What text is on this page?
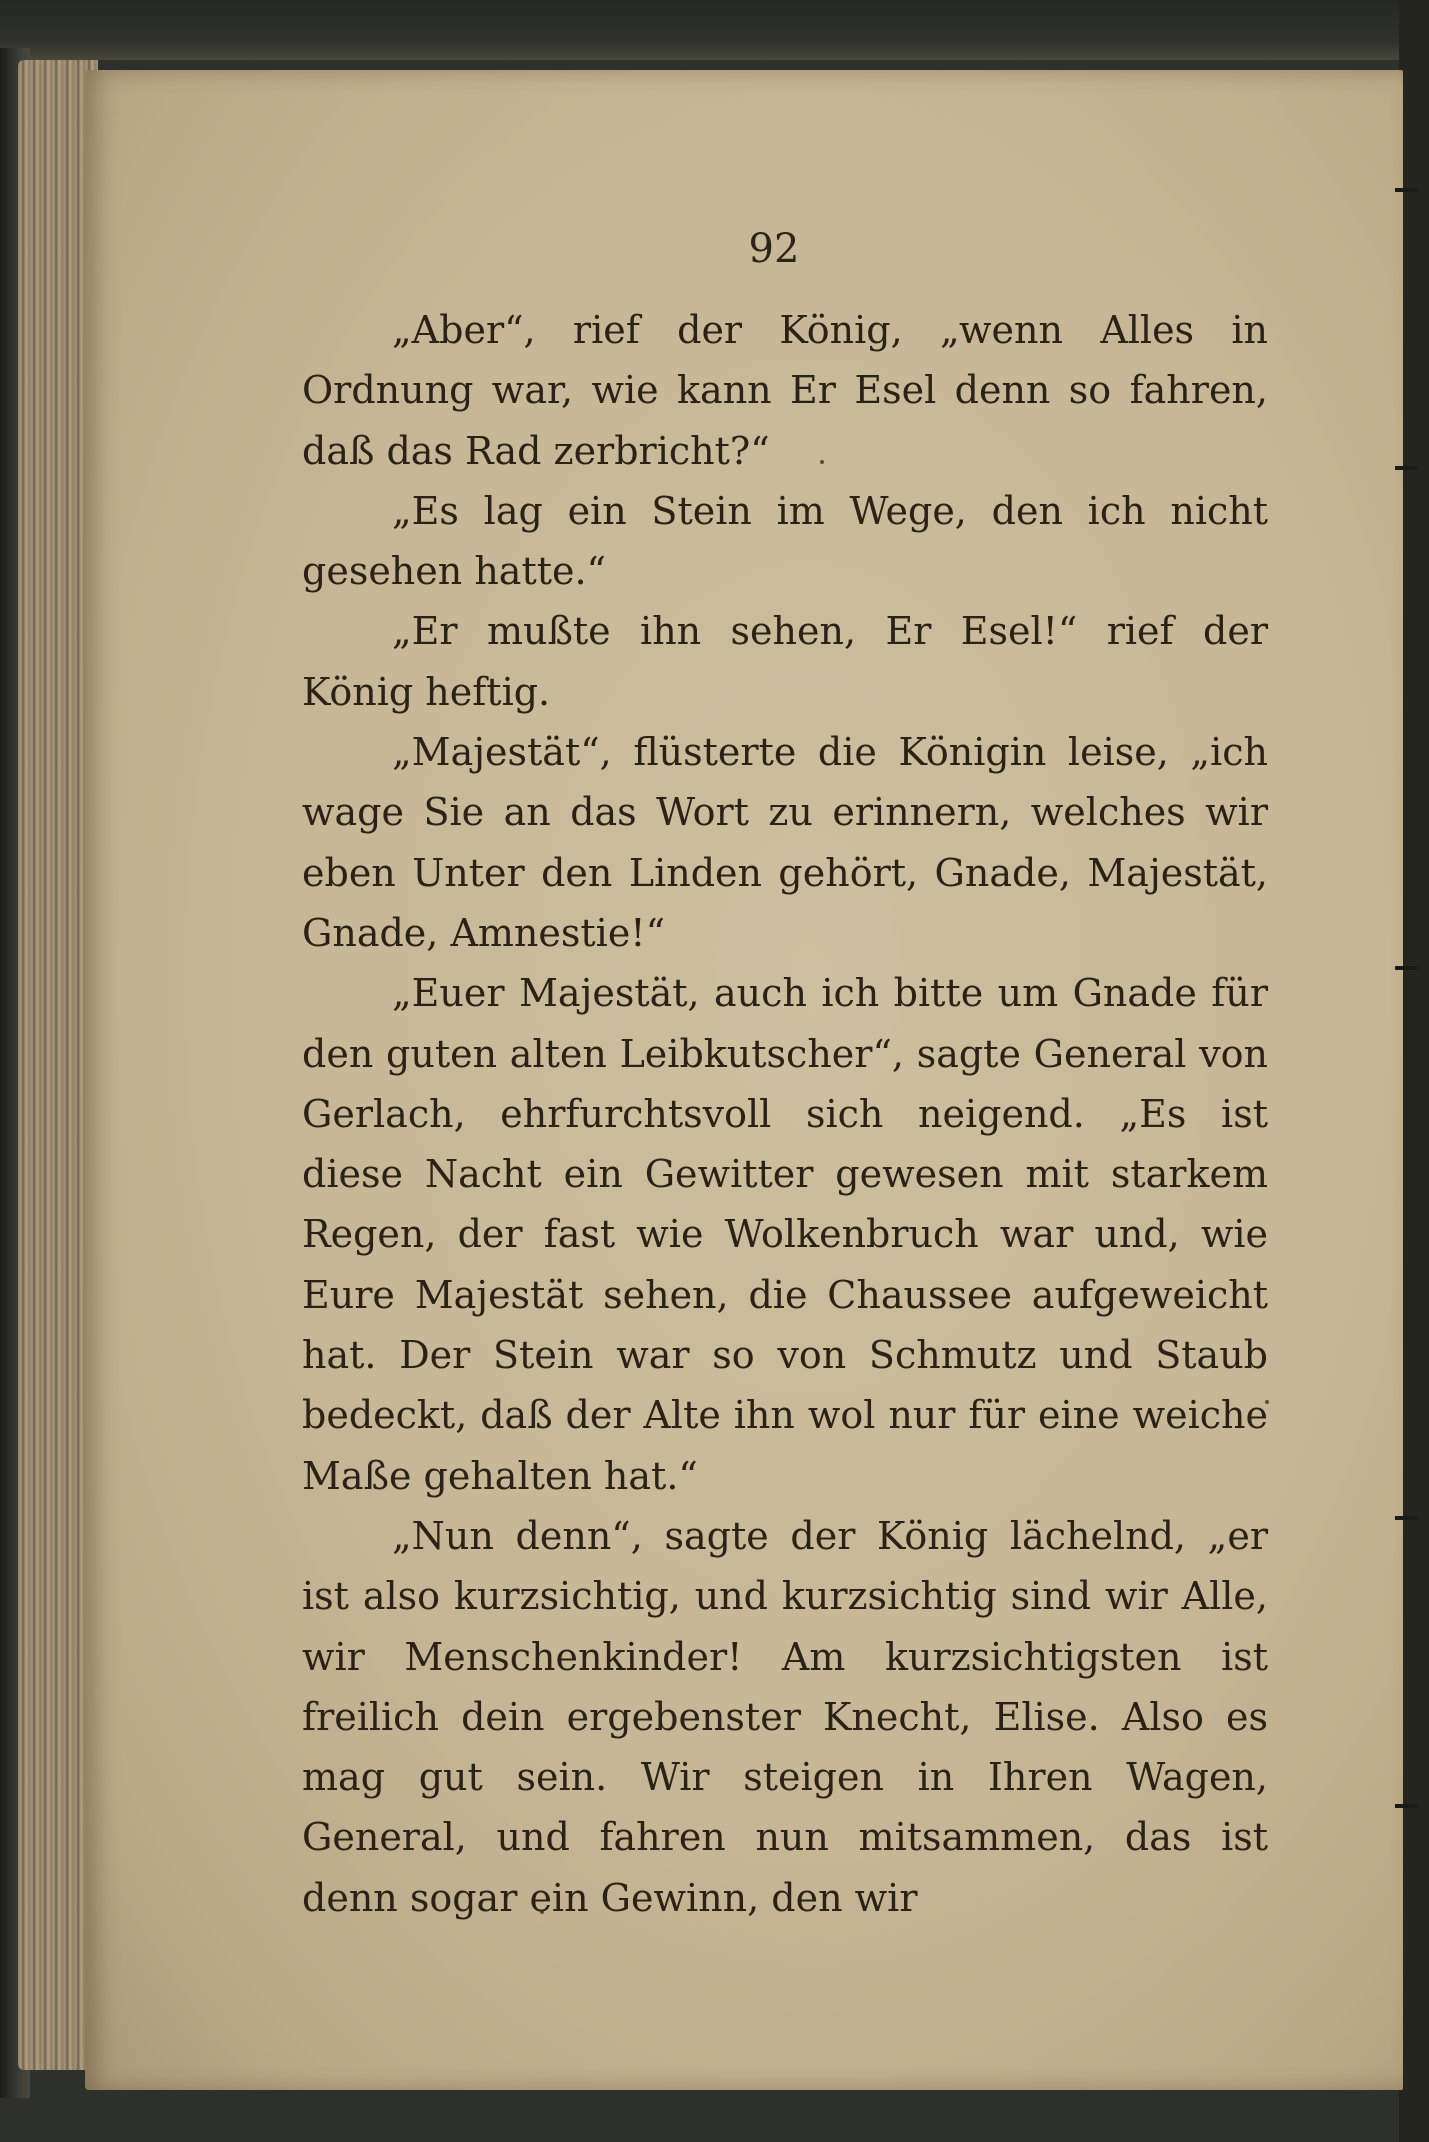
92

„Aber“, rief der König, „wenn Alles in Ordnung war, wie kann Er Esel denn so fahren, daß das Rad zerbricht?“

„Es lag ein Stein im Wege, den ich nicht gesehen hatte.“

„Er mußte ihn sehen, Er Esel!“ rief der König heftig.

„Majestät“, flüsterte die Königin leise, „ich wage Sie an das Wort zu erinnern, welches wir eben Unter den Linden gehört, Gnade, Majestät, Gnade, Amnestie!“

„Euer Majestät, auch ich bitte um Gnade für den guten alten Leibkutscher“, sagte General von Gerlach, ehrfurchtsvoll sich neigend. „Es ist diese Nacht ein Gewitter gewesen mit starkem Regen, der fast wie Wolkenbruch war und, wie Eure Majestät sehen, die Chaussee aufgeweicht hat. Der Stein war so von Schmutz und Staub bedeckt, daß der Alte ihn wol nur für eine weiche Maße gehalten hat.“

„Nun denn“, sagte der König lächelnd, „er ist also kurzsichtig, und kurzsichtig sind wir Alle, wir Menschenkinder! Am kurzsichtigsten ist freilich dein ergebenster Knecht, Elise. Also es mag gut sein. Wir steigen in Ihren Wagen, General, und fahren nun mitsammen, das ist denn sogar ein Gewinn, den wir
